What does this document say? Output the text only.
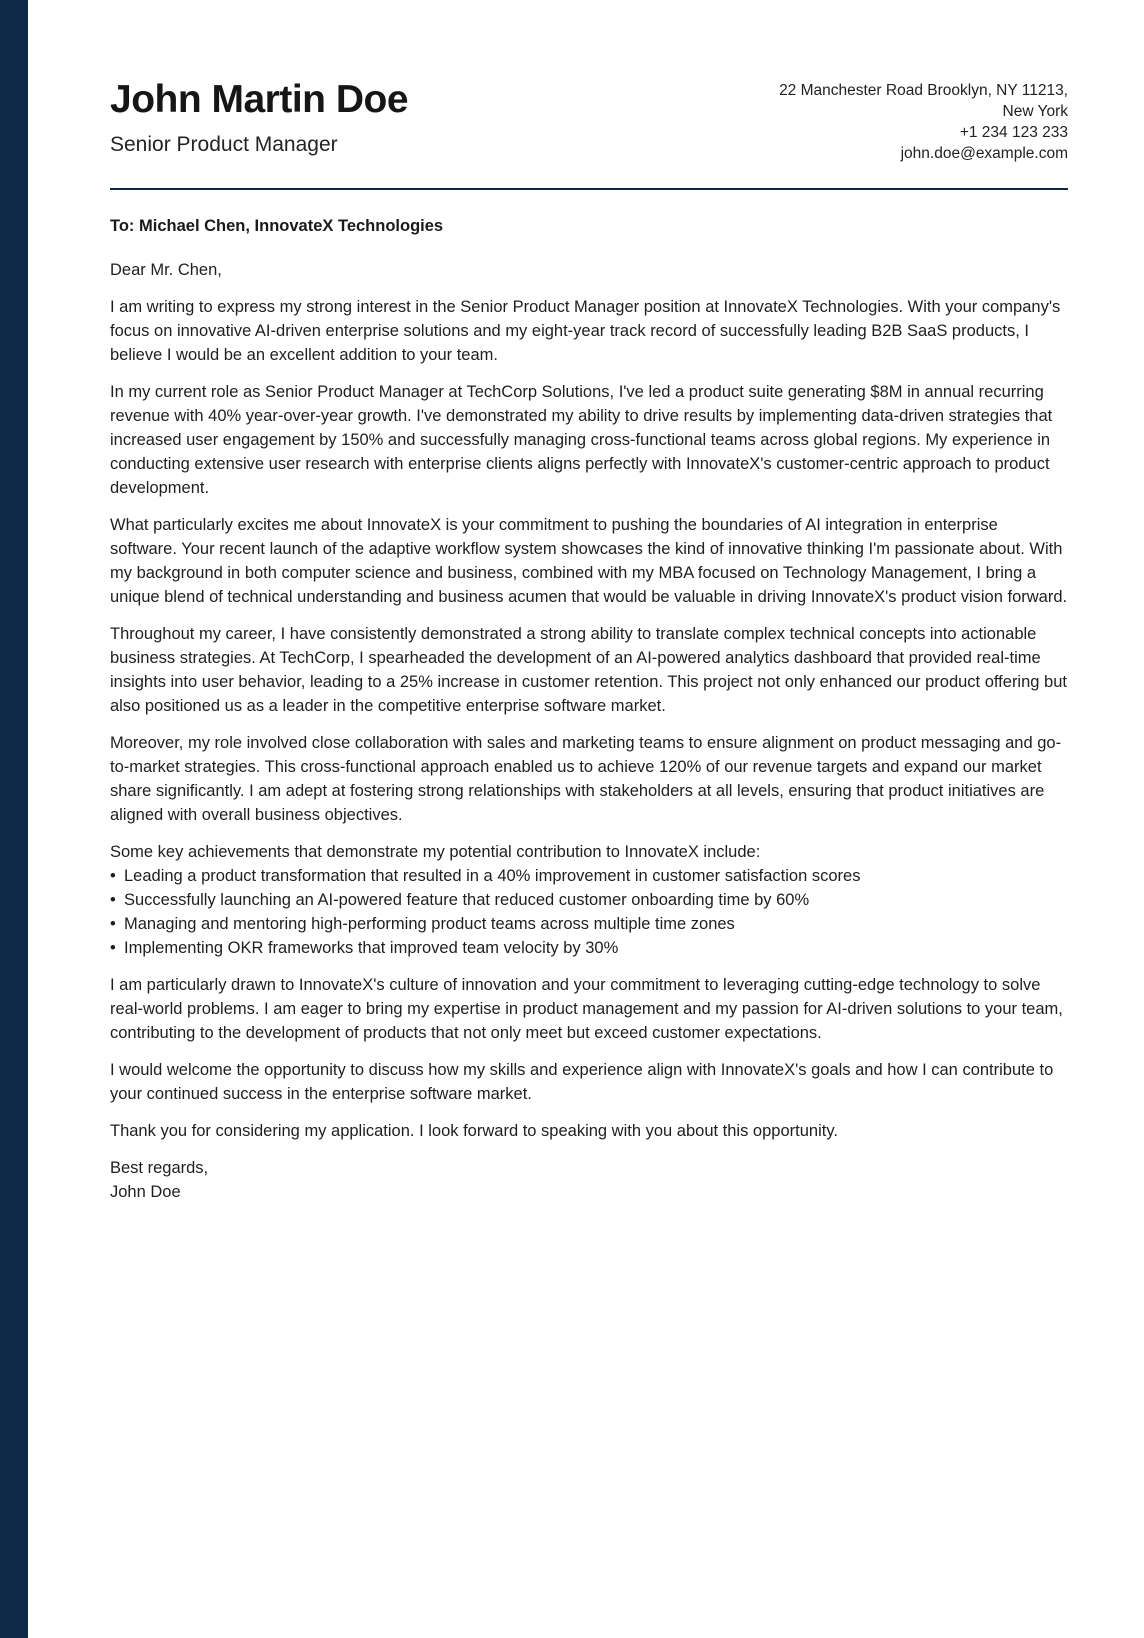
John Martin Doe
Senior Product Manager
22 Manchester Road Brooklyn, NY 11213,
New York
+1 234 123 233
john.doe@example.com
To: Michael Chen, InnovateX Technologies
Dear Mr. Chen,
I am writing to express my strong interest in the Senior Product Manager position at InnovateX Technologies. With your company's focus on innovative AI-driven enterprise solutions and my eight-year track record of successfully leading B2B SaaS products, I believe I would be an excellent addition to your team.
In my current role as Senior Product Manager at TechCorp Solutions, I've led a product suite generating $8M in annual recurring revenue with 40% year-over-year growth. I've demonstrated my ability to drive results by implementing data-driven strategies that increased user engagement by 150% and successfully managing cross-functional teams across global regions. My experience in conducting extensive user research with enterprise clients aligns perfectly with InnovateX's customer-centric approach to product development.
What particularly excites me about InnovateX is your commitment to pushing the boundaries of AI integration in enterprise software. Your recent launch of the adaptive workflow system showcases the kind of innovative thinking I'm passionate about. With my background in both computer science and business, combined with my MBA focused on Technology Management, I bring a unique blend of technical understanding and business acumen that would be valuable in driving InnovateX's product vision forward.
Throughout my career, I have consistently demonstrated a strong ability to translate complex technical concepts into actionable business strategies. At TechCorp, I spearheaded the development of an AI-powered analytics dashboard that provided real-time insights into user behavior, leading to a 25% increase in customer retention. This project not only enhanced our product offering but also positioned us as a leader in the competitive enterprise software market.
Moreover, my role involved close collaboration with sales and marketing teams to ensure alignment on product messaging and go-to-market strategies. This cross-functional approach enabled us to achieve 120% of our revenue targets and expand our market share significantly. I am adept at fostering strong relationships with stakeholders at all levels, ensuring that product initiatives are aligned with overall business objectives.
Some key achievements that demonstrate my potential contribution to InnovateX include:
• Leading a product transformation that resulted in a 40% improvement in customer satisfaction scores
• Successfully launching an AI-powered feature that reduced customer onboarding time by 60%
• Managing and mentoring high-performing product teams across multiple time zones
• Implementing OKR frameworks that improved team velocity by 30%
I am particularly drawn to InnovateX's culture of innovation and your commitment to leveraging cutting-edge technology to solve real-world problems. I am eager to bring my expertise in product management and my passion for AI-driven solutions to your team, contributing to the development of products that not only meet but exceed customer expectations.
I would welcome the opportunity to discuss how my skills and experience align with InnovateX's goals and how I can contribute to your continued success in the enterprise software market.
Thank you for considering my application. I look forward to speaking with you about this opportunity.
Best regards,
John Doe
